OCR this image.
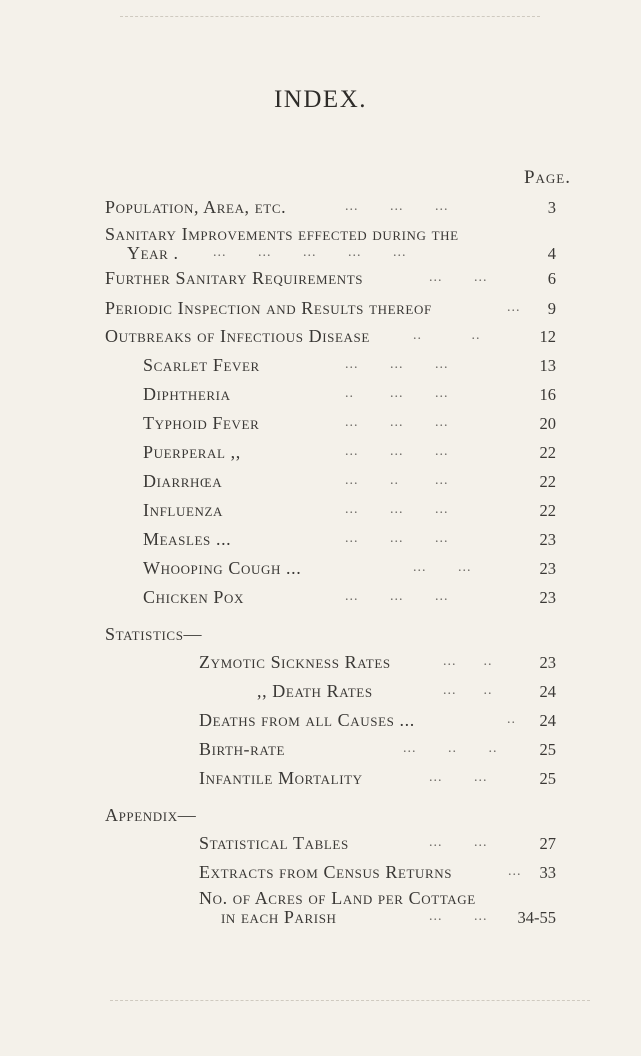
INDEX.
Page.
Population, Area, etc.	...       ...       ...	3
Sanitary Improvements effected during the
Year . ...       ...       ...       ...       ...	4
Further Sanitary Requirements	...       ...	6
Periodic Inspection and Results thereof	...	9
Outbreaks of Infectious Disease	..           ..	12
Scarlet Fever	...       ...       ...	13
Diphtheria	..        ...       ...	16
Typhoid Fever	...       ...       ...	20
Puerperal ,,	...       ...       ...	22
Diarrhœa	...       ..        ...	22
Influenza	...       ...       ...	22
Measles ...	...       ...       ...	23
Whooping Cough ...	...       ...	23
Chicken Pox	...       ...       ...	23
Statistics—
Zymotic Sickness Rates	...      ..	23
,, Death Rates	...      ..	24
Deaths from all Causes ...	..	24
Birth-rate	...       ..       ..	25
Infantile Mortality	...       ...	25
Appendix—
Statistical Tables	...       ...	27
Extracts from Census Returns	...	33
No. of Acres of Land per Cottage
in each Parish	...       ...	34-55
